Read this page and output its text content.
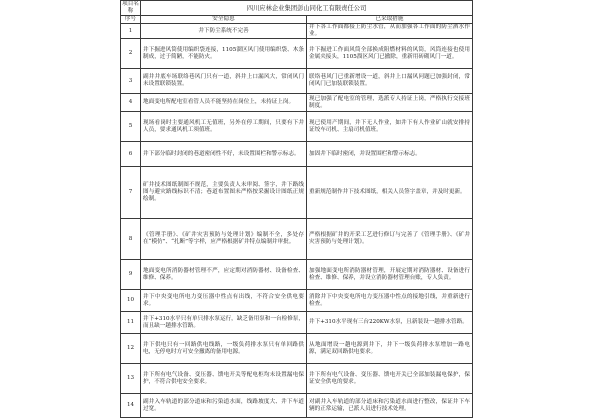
项目名称	四川应林企业集团彭山同化工有限责任公司	
序号	安全隐患	已采取措施
1	井下防尘系统不完善	井下各工作面都接上防尘水管，从而加强各工作面的防尘洒水作业。
2	井下掘进风筒使用编织袋连接，1105溜区风门使用编织袋、木条制成，过于简陋，不能防火。	井下掘进工作面风筒全部换成阻燃材料的风筒，风筒连接也使用金属夹接头，1105溜区风门已撤除，重新用砖砌风门一道。
3	副井井底车场联络巷风门只有一道，斜井上口漏风大，常闭风门未设置联锁装置。	联络巷风门已重新增设一道，斜井上口漏风问题已加强封闭，常闭风门已加装联锁装置。
4	地面变电所配电室看管人员不能坚持在岗位上，未持证上岗。	现已加强了配电室的管理，选派专人持证上岗，严格执行交接班制度。
5	现场看岗时主要通风机工无值班，另外在停工期间，只要有下井人员，要求通风机工须值班。	现已使用产期间，井下无人作业，如井下有人作业矿山就安排持证绞车司机、主扇司机值班。
6	井下部分临时封闭的巷道密闭性不好，未设置围栏和警示标志。	加固井下临时密闭，并设置围栏和警示标志。
7	矿井技术图纸制图不规范，主要负责人未审阅、签字，井下路线图与避灾路线标识不清；巷道布置图未严格按采掘设计图纸正规绘制。	重新规范制作井下技术图纸，相关人员签字盖章，并及时更新。
8	《管理手册》、《矿井灾害预防与处理计划》编制不全，多处存在“模仿”、“扎断”等字样，应严格根据矿井特点编制并审批。	严格根据矿井的开采工艺进行修订与完善了《管理手册》、《矿井灾害预防与处理计划》。
9	地面变电所消防器材管理不严，应定期对消防器材、设备检查、维修、保养。	加强地面变电所消防器材管理，开展定期对消防器材、设备进行检查、维修、保养，并设立消防器材管理台账，专人负责。
10	井下中央变电所电力变压器中性点有出线，不符合安全供电要求。	消除井下中央变电所电力变压器中性点的接地引线，并重新进行检查。
11	井下+310水平只有单只排水泵运行，缺乏备用泵和一台检修泵，而且缺一趟排水管路。	井下+310水平现有三台220KW水泵，且新装设一趟排水管路。
12	井下供电只有一回路供电线路，一级负荷排水泵只有单回路供电，无停电时方可安全撤离的备用电源。	从地面增设一趟电源到井下，井下一级负荷排水泵增加一路电源，满足双回路供电要求。
13	井下所有电气设备、变压器、馈电开关等配电柜均未设置漏电保护，不符合供电安全要求。	井下所有电气设备、变压器、馈电开关已全部加装漏电保护，保证安全供电的要求。
14	副井入车轨道的部分道床和污染道水面，线路坡度大、井下车道过宽。	对副井入车轨道的部分道床和污染道水面进行整改，保证井下车辆的正常运输，已派人员进行技术处理。
